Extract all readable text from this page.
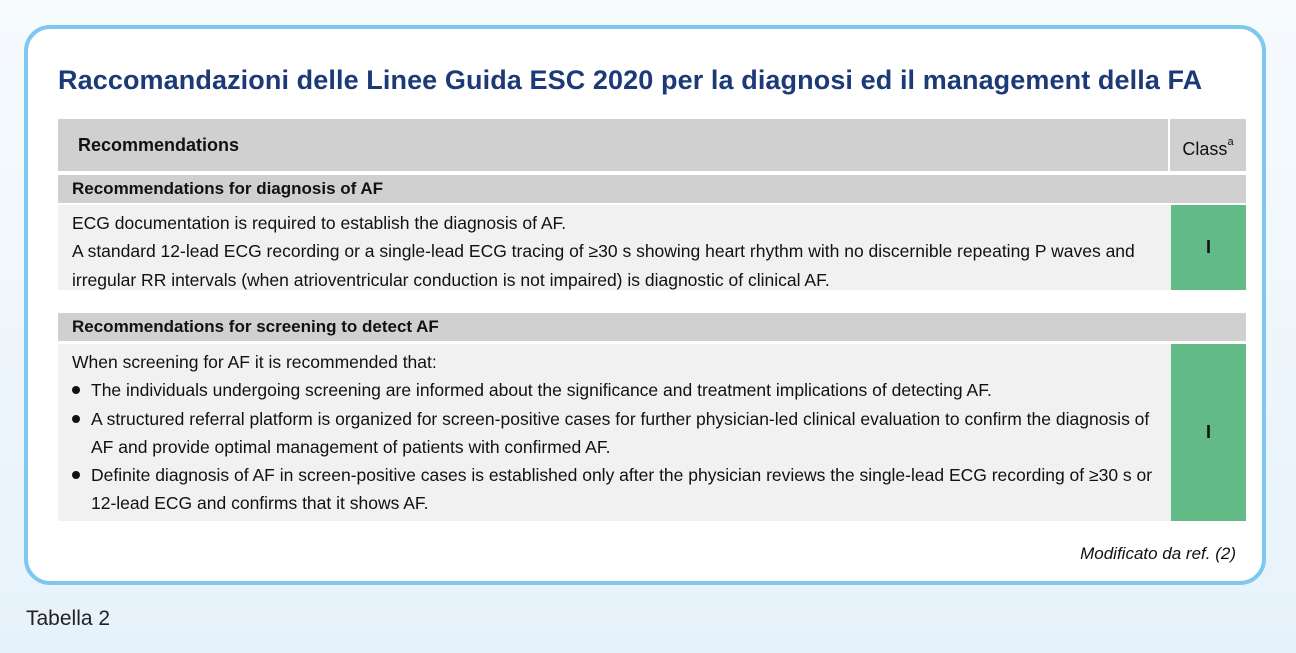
Raccomandazioni delle Linee Guida ESC 2020 per la diagnosi ed il management della FA
Recommendations	Class$^a$
Recommendations for diagnosis of AF
ECG documentation is required to establish the diagnosis of AF.
A standard 12-lead ECG recording or a single-lead ECG tracing of ≥30 s showing heart rhythm with no discernible repeating P waves and irregular RR intervals (when atrioventricular conduction is not impaired) is diagnostic of clinical AF.
I
Recommendations for screening to detect AF
When screening for AF it is recommended that:
The individuals undergoing screening are informed about the significance and treatment implications of detecting AF.
A structured referral platform is organized for screen-positive cases for further physician-led clinical evaluation to confirm the diagnosis of AF and provide optimal management of patients with confirmed AF.
Definite diagnosis of AF in screen-positive cases is established only after the physician reviews the single-lead ECG recording of ≥30 s or 12-lead ECG and confirms that it shows AF.
I
Modificato da ref. (2)
Tabella 2
